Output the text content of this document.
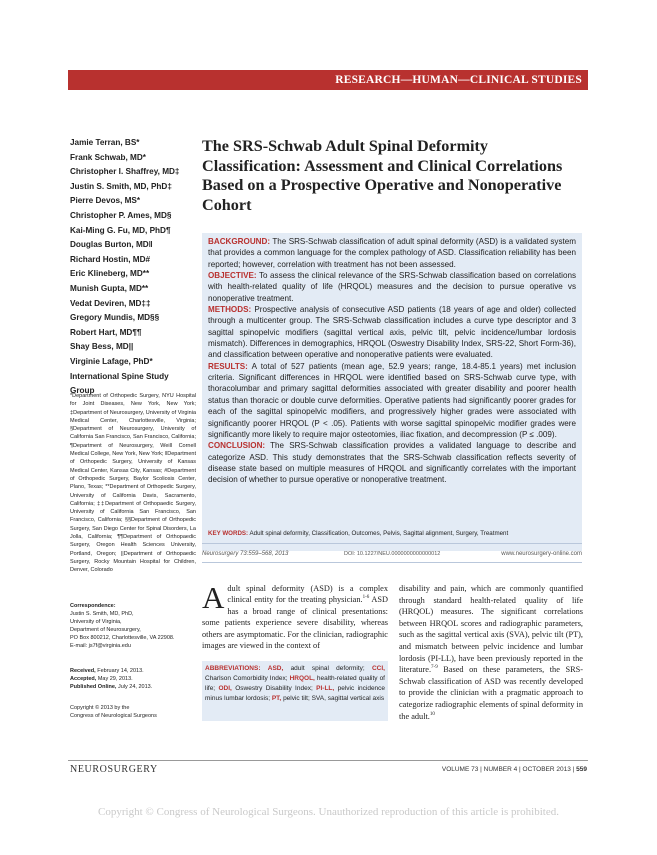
RESEARCH—HUMAN—CLINICAL STUDIES
Jamie Terran, BS*
Frank Schwab, MD*
Christopher I. Shaffrey, MD‡
Justin S. Smith, MD, PhD‡
Pierre Devos, MS*
Christopher P. Ames, MD§
Kai-Ming G. Fu, MD, PhD¶
Douglas Burton, MD‖
Richard Hostin, MD#
Eric Klineberg, MD**
Munish Gupta, MD**
Vedat Deviren, MD‡‡
Gregory Mundis, MD§§
Robert Hart, MD¶¶
Shay Bess, MD||
Virginie Lafage, PhD*
International Spine Study
Group
*Department of Orthopedic Surgery, NYU Hospital for Joint Diseases, New York, New York; ‡Department of Neurosurgery, University of Virginia Medical Center, Charlottesville, Virginia; §Department of Neurosurgery, University of California San Francisco, San Francisco, California; ¶Department of Neurosurgery, Weill Cornell Medical College, New York, New York; ‖Department of Orthopedic Surgery, University of Kansas Medical Center, Kansas City, Kansas; #Department of Orthopedic Surgery, Baylor Scoliosis Center, Plano, Texas; **Department of Orthopedic Surgery, University of California Davis, Sacramento, California; ‡‡Department of Orthopaedic Surgery, University of California San Francisco, San Francisco, California; §§Department of Orthopedic Surgery, San Diego Center for Spinal Disorders, La Jolla, California; ¶¶Department of Orthopaedic Surgery, Oregon Health Sciences University, Portland, Oregon; ||Department of Orthopaedic Surgery, Rocky Mountain Hospital for Children, Denver, Colorado
Correspondence:
Justin S. Smith, MD, PhD,
University of Virginia,
Department of Neurosurgery,
PO Box 800212, Charlottesville, VA 22908.
E-mail: js7f@virginia.edu
Received, February 14, 2013.
Accepted, May 29, 2013.
Published Online, July 24, 2013.
Copyright © 2013 by the
Congress of Neurological Surgeons
The SRS-Schwab Adult Spinal Deformity Classification: Assessment and Clinical Correlations Based on a Prospective Operative and Nonoperative Cohort

BACKGROUND: The SRS-Schwab classification of adult spinal deformity (ASD) is a validated system that provides a common language for the complex pathology of ASD. Classification reliability has been reported; however, correlation with treatment has not been assessed.

OBJECTIVE: To assess the clinical relevance of the SRS-Schwab classification based on correlations with health-related quality of life (HRQOL) measures and the decision to pursue operative vs nonoperative treatment.

METHODS: Prospective analysis of consecutive ASD patients (18 years of age and older) collected through a multicenter group. The SRS-Schwab classification includes a curve type descriptor and 3 sagittal spinopelvic modifiers (sagittal vertical axis, pelvic tilt, pelvic incidence/lumbar lordosis mismatch). Differences in demographics, HRQOL (Oswestry Disability Index, SRS-22, Short Form-36), and classification between operative and nonoperative patients were evaluated.

RESULTS: A total of 527 patients (mean age, 52.9 years; range, 18.4-85.1 years) met inclusion criteria. Significant differences in HRQOL were identified based on SRS-Schwab curve type, with thoracolumbar and primary sagittal deformities associated with greater disability and poorer health status than thoracic or double curve deformities. Operative patients had significantly poorer grades for each of the sagittal spinopelvic modifiers, and progressively higher grades were associated with significantly poorer HRQOL (P < .05). Patients with worse sagittal spinopelvic modifier grades were significantly more likely to require major osteotomies, iliac fixation, and decompression (P ≤ .009).

CONCLUSION: The SRS-Schwab classification provides a validated language to describe and categorize ASD. This study demonstrates that the SRS-Schwab classification reflects severity of disease state based on multiple measures of HRQOL and significantly correlates with the important decision of whether to pursue operative or nonoperative treatment.

KEY WORDS: Adult spinal deformity, Classification, Outcomes, Pelvis, Sagittal alignment, Surgery, Treatment
Neurosurgery 73:559–568, 2013	DOI: 10.1227/NEU.0000000000000012	www.neurosurgery-online.com
Adult spinal deformity (ASD) is a complex clinical entity for the treating physician.$^{1-6}$ ASD has a broad range of clinical presentations: some patients experience severe disability, whereas others are asymptomatic. For the clinician, radiographic images are viewed in the context of
ABBREVIATIONS: ASD, adult spinal deformity; CCI, Charlson Comorbidity Index; HRQOL, health-related quality of life; ODI, Oswestry Disability Index; PI-LL, pelvic incidence minus lumbar lordosis; PT, pelvic tilt; SVA, sagittal vertical axis
disability and pain, which are commonly quantified through standard health-related quality of life (HRQOL) measures. The significant correlations between HRQOL scores and radiographic parameters, such as the sagittal vertical axis (SVA), pelvic tilt (PT), and mismatch between pelvic incidence and lumbar lordosis (PI-LL), have been previously reported in the literature.$^{7-9}$ Based on these parameters, the SRS-Schwab classification of ASD was recently developed to provide the clinician with a pragmatic approach to categorize radiographic elements of spinal deformity in the adult.$^{10}$
NEUROSURGERY	VOLUME 73 | NUMBER 4 | OCTOBER 2013 | 559
Copyright © Congress of Neurological Surgeons. Unauthorized reproduction of this article is prohibited.
